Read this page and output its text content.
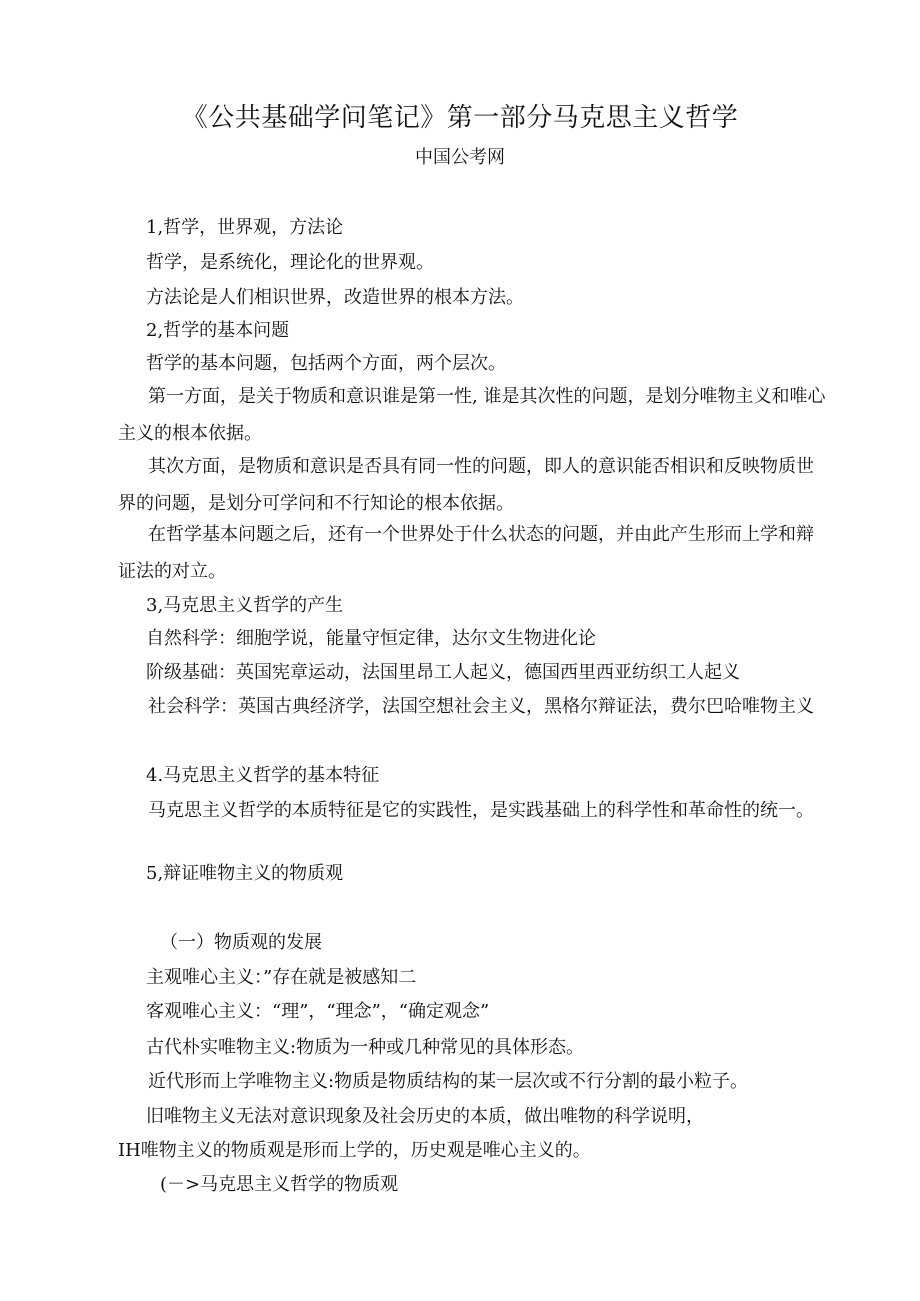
《公共基础学问笔记》第一部分马克思主义哲学
中国公考网
1,哲学，世界观，方法论
哲学，是系统化，理论化的世界观。
方法论是人们相识世界，改造世界的根本方法。
2,哲学的基本问题
哲学的基本问题，包括两个方面，两个层次。
第一方面，是关于物质和意识谁是第一性, 谁是其次性的问题，是划分唯物主义和唯心主义的根本依据。
其次方面，是物质和意识是否具有同一性的问题，即人的意识能否相识和反映物质世界的问题，是划分可学问和不行知论的根本依据。
在哲学基本问题之后，还有一个世界处于什么状态的问题，并由此产生形而上学和辩证法的对立。
3,马克思主义哲学的产生
自然科学：细胞学说，能量守恒定律，达尔文生物进化论
阶级基础：英国宪章运动，法国里昂工人起义，德国西里西亚纺织工人起义
社会科学：英国古典经济学，法国空想社会主义，黑格尔辩证法，费尔巴哈唯物主义
4.马克思主义哲学的基本特征
马克思主义哲学的本质特征是它的实践性，是实践基础上的科学性和革命性的统一。
5,辩证唯物主义的物质观
（一）物质观的发展
主观唯心主义：”存在就是被感知二
客观唯心主义：“理”，“理念”，“确定观念”
古代朴实唯物主义:物质为一种或几种常见的具体形态。
近代形而上学唯物主义:物质是物质结构的某一层次或不行分割的最小粒子。
旧唯物主义无法对意识现象及社会历史的本质，做出唯物的科学说明，
IH唯物主义的物质观是形而上学的，历史观是唯心主义的。
(－>马克思主义哲学的物质观
